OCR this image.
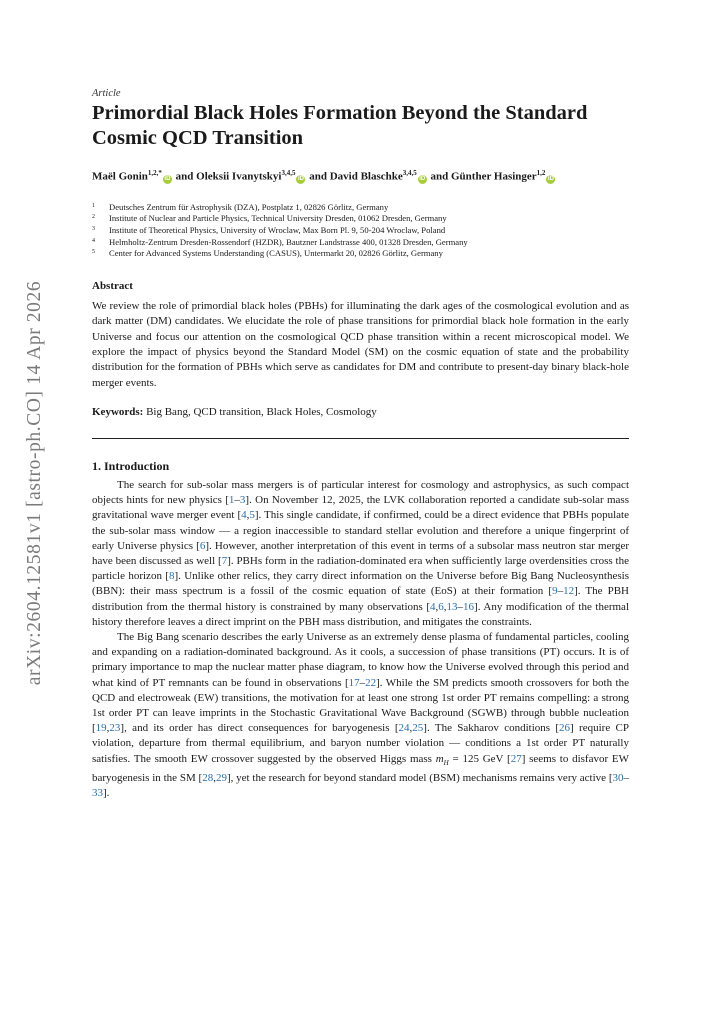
arXiv:2604.12581v1 [astro-ph.CO] 14 Apr 2026
Article
Primordial Black Holes Formation Beyond the Standard Cosmic QCD Transition
Maël Gonin$^{1,2,*}$iD and Oleksii Ivanytskyi$^{3,4,5}$iD and David Blaschke$^{3,4,5}$iD and Günther Hasinger$^{1,2}$iD
1 Deutsches Zentrum für Astrophysik (DZA), Postplatz 1, 02826 Görlitz, Germany
2 Institute of Nuclear and Particle Physics, Technical University Dresden, 01062 Dresden, Germany
3 Institute of Theoretical Physics, University of Wroclaw, Max Born Pl. 9, 50-204 Wroclaw, Poland
4 Helmholtz-Zentrum Dresden-Rossendorf (HZDR), Bautzner Landstrasse 400, 01328 Dresden, Germany
5 Center for Advanced Systems Understanding (CASUS), Untermarkt 20, 02826 Görlitz, Germany
Abstract

We review the role of primordial black holes (PBHs) for illuminating the dark ages of the cosmological evolution and as dark matter (DM) candidates. We elucidate the role of phase transitions for primordial black hole formation in the early Universe and focus our attention on the cosmological QCD phase transition within a recent microscopical model. We explore the impact of physics beyond the Standard Model (SM) on the cosmic equation of state and the probability distribution for the formation of PBHs which serve as candidates for DM and contribute to present-day binary black-hole merger events.

Keywords: Big Bang, QCD transition, Black Holes, Cosmology
1. Introduction

The search for sub-solar mass mergers is of particular interest for cosmology and astrophysics, as such compact objects hints for new physics [1–3]. On November 12, 2025, the LVK collaboration reported a candidate sub-solar mass gravitational wave merger event [4,5]. This single candidate, if confirmed, could be a direct evidence that PBHs populate the sub-solar mass window — a region inaccessible to standard stellar evolution and therefore a unique fingerprint of early Universe physics [6]. However, another interpretation of this event in terms of a subsolar mass neutron star merger have been discussed as well [7]. PBHs form in the radiation-dominated era when sufficiently large overdensities cross the particle horizon [8]. Unlike other relics, they carry direct information on the Universe before Big Bang Nucleosynthesis (BBN): their mass spectrum is a fossil of the cosmic equation of state (EoS) at their formation [9–12]. The PBH distribution from the thermal history is constrained by many observations [4,6,13–16]. Any modification of the thermal history therefore leaves a direct imprint on the PBH mass distribution, and mitigates the constraints.

The Big Bang scenario describes the early Universe as an extremely dense plasma of fundamental particles, cooling and expanding on a radiation-dominated background. As it cools, a succession of phase transitions (PT) occurs. It is of primary importance to map the nuclear matter phase diagram, to know how the Universe evolved through this period and what kind of PT remnants can be found in observations [17–22]. While the SM predicts smooth crossovers for both the QCD and electroweak (EW) transitions, the motivation for at least one strong 1st order PT remains compelling: a strong 1st order PT can leave imprints in the Stochastic Gravitational Wave Background (SGWB) through bubble nucleation [19,23], and its order has direct consequences for baryogenesis [24,25]. The Sakharov conditions [26] require CP violation, departure from thermal equilibrium, and baryon number violation — conditions a 1st order PT naturally satisfies. The smooth EW crossover suggested by the observed Higgs mass $m_H = 125$ GeV [27] seems to disfavor EW baryogenesis in the SM [28,29], yet the research for beyond standard model (BSM) mechanisms remains very active [30–33].
